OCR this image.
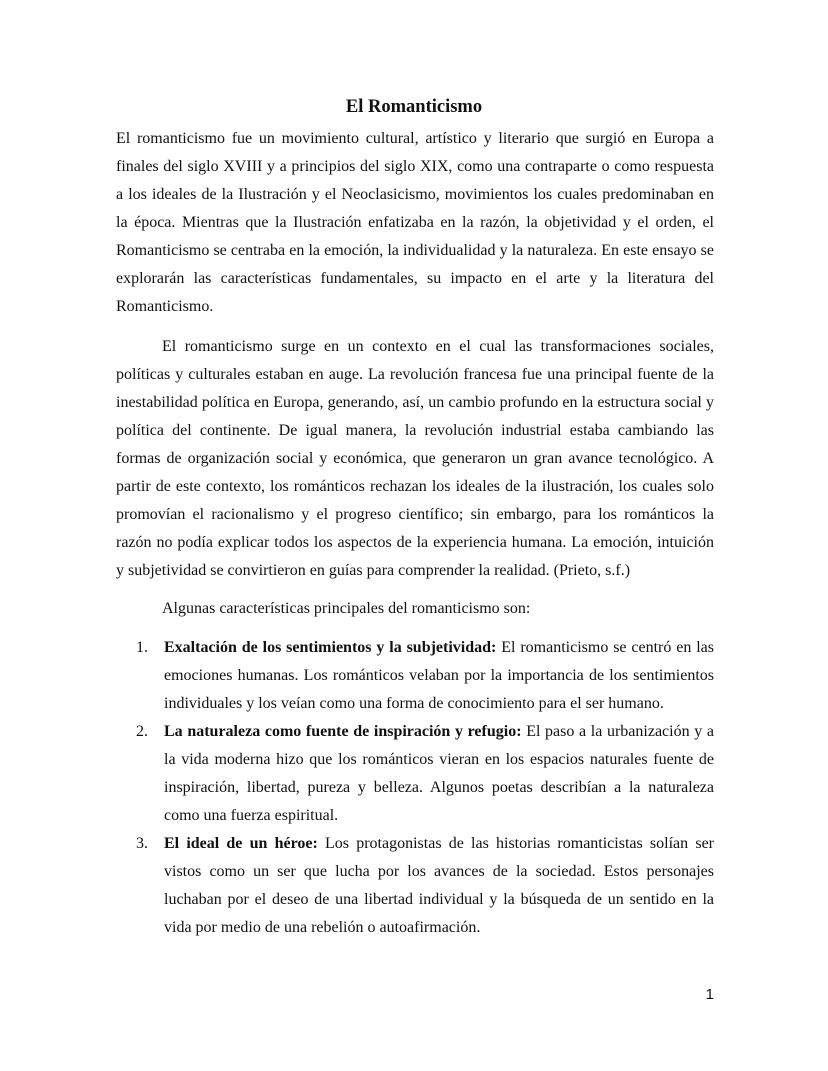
El Romanticismo

El romanticismo fue un movimiento cultural, artístico y literario que surgió en Europa a finales del siglo XVIII y a principios del siglo XIX, como una contraparte o como respuesta a los ideales de la Ilustración y el Neoclasicismo, movimientos los cuales predominaban en la época. Mientras que la Ilustración enfatizaba en la razón, la objetividad y el orden, el Romanticismo se centraba en la emoción, la individualidad y la naturaleza. En este ensayo se explorarán las características fundamentales, su impacto en el arte y la literatura del Romanticismo.

El romanticismo surge en un contexto en el cual las transformaciones sociales, políticas y culturales estaban en auge. La revolución francesa fue una principal fuente de la inestabilidad política en Europa, generando, así, un cambio profundo en la estructura social y política del continente. De igual manera, la revolución industrial estaba cambiando las formas de organización social y económica, que generaron un gran avance tecnológico. A partir de este contexto, los románticos rechazan los ideales de la ilustración, los cuales solo promovían el racionalismo y el progreso científico; sin embargo, para los románticos la razón no podía explicar todos los aspectos de la experiencia humana. La emoción, intuición y subjetividad se convirtieron en guías para comprender la realidad. (Prieto, s.f.)

Algunas características principales del romanticismo son:

1. Exaltación de los sentimientos y la subjetividad: El romanticismo se centró en las emociones humanas. Los románticos velaban por la importancia de los sentimientos individuales y los veían como una forma de conocimiento para el ser humano.
2. La naturaleza como fuente de inspiración y refugio: El paso a la urbanización y a la vida moderna hizo que los románticos vieran en los espacios naturales fuente de inspiración, libertad, pureza y belleza. Algunos poetas describían a la naturaleza como una fuerza espiritual.
3. El ideal de un héroe: Los protagonistas de las historias romanticistas solían ser vistos como un ser que lucha por los avances de la sociedad. Estos personajes luchaban por el deseo de una libertad individual y la búsqueda de un sentido en la vida por medio de una rebelión o autoafirmación.
1
